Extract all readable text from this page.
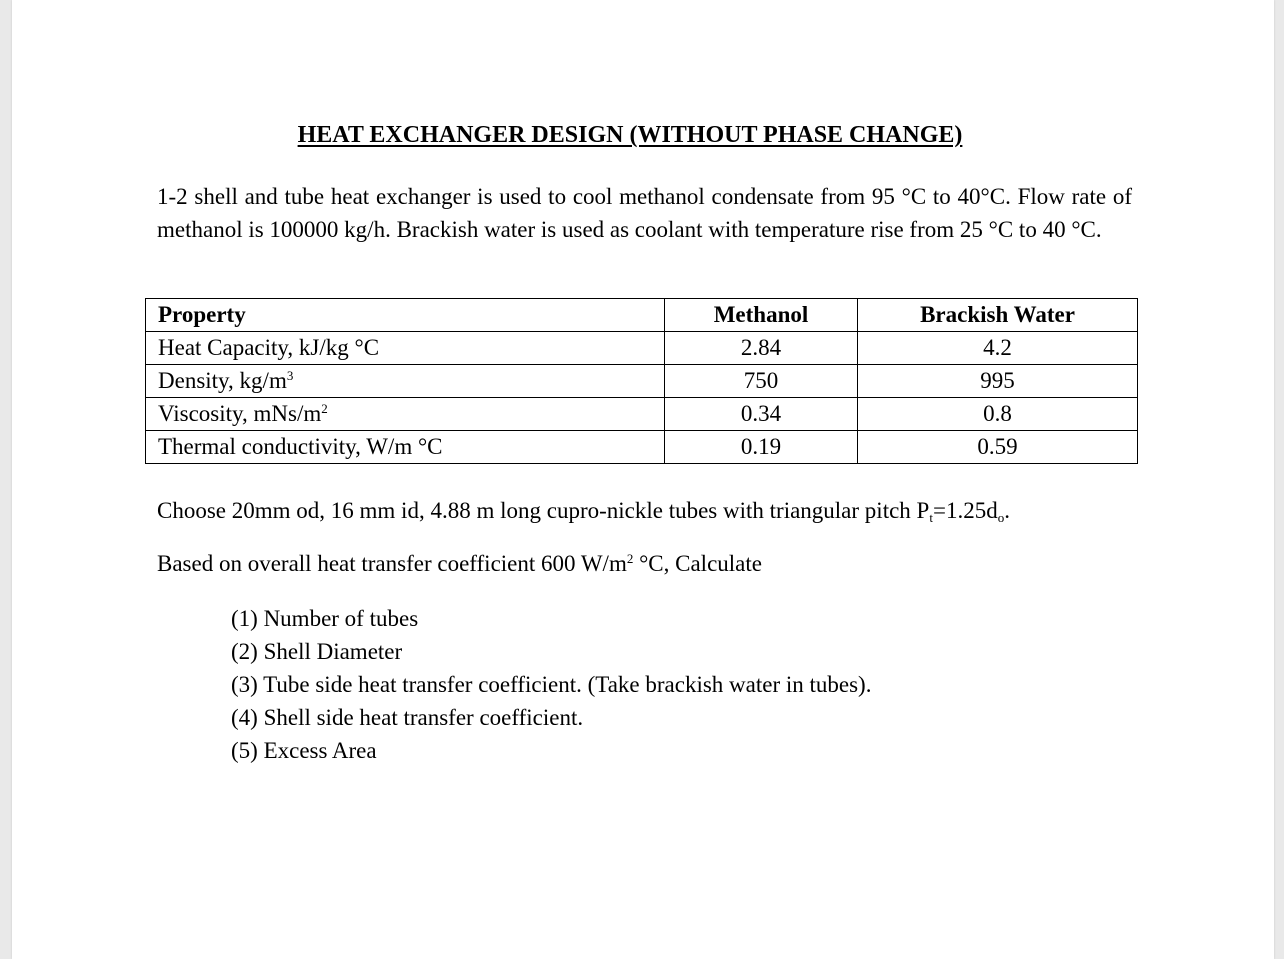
HEAT EXCHANGER DESIGN (WITHOUT PHASE CHANGE)

1-2 shell and tube heat exchanger is used to cool methanol condensate from 95 °C to 40°C. Flow rate of methanol is 100000 kg/h. Brackish water is used as coolant with temperature rise from 25 °C to 40 °C.

Property	Methanol	Brackish Water
Heat Capacity, kJ/kg °C	2.84	4.2
Density, $kg/m^3$	750	995
Viscosity, mNs/$m^2$	0.34	0.8
Thermal conductivity, W/m °C	0.19	0.59
Choose 20mm od, 16 mm id, 4.88 m long cupro-nickle tubes with triangular pitch $P_t=1.25d_o$.
Based on overall heat transfer coefficient 600 $W/m^2$ °C, Calculate
(1) Number of tubes
(2) Shell Diameter
(3) Tube side heat transfer coefficient. (Take brackish water in tubes).
(4) Shell side heat transfer coefficient.
(5) Excess Area
